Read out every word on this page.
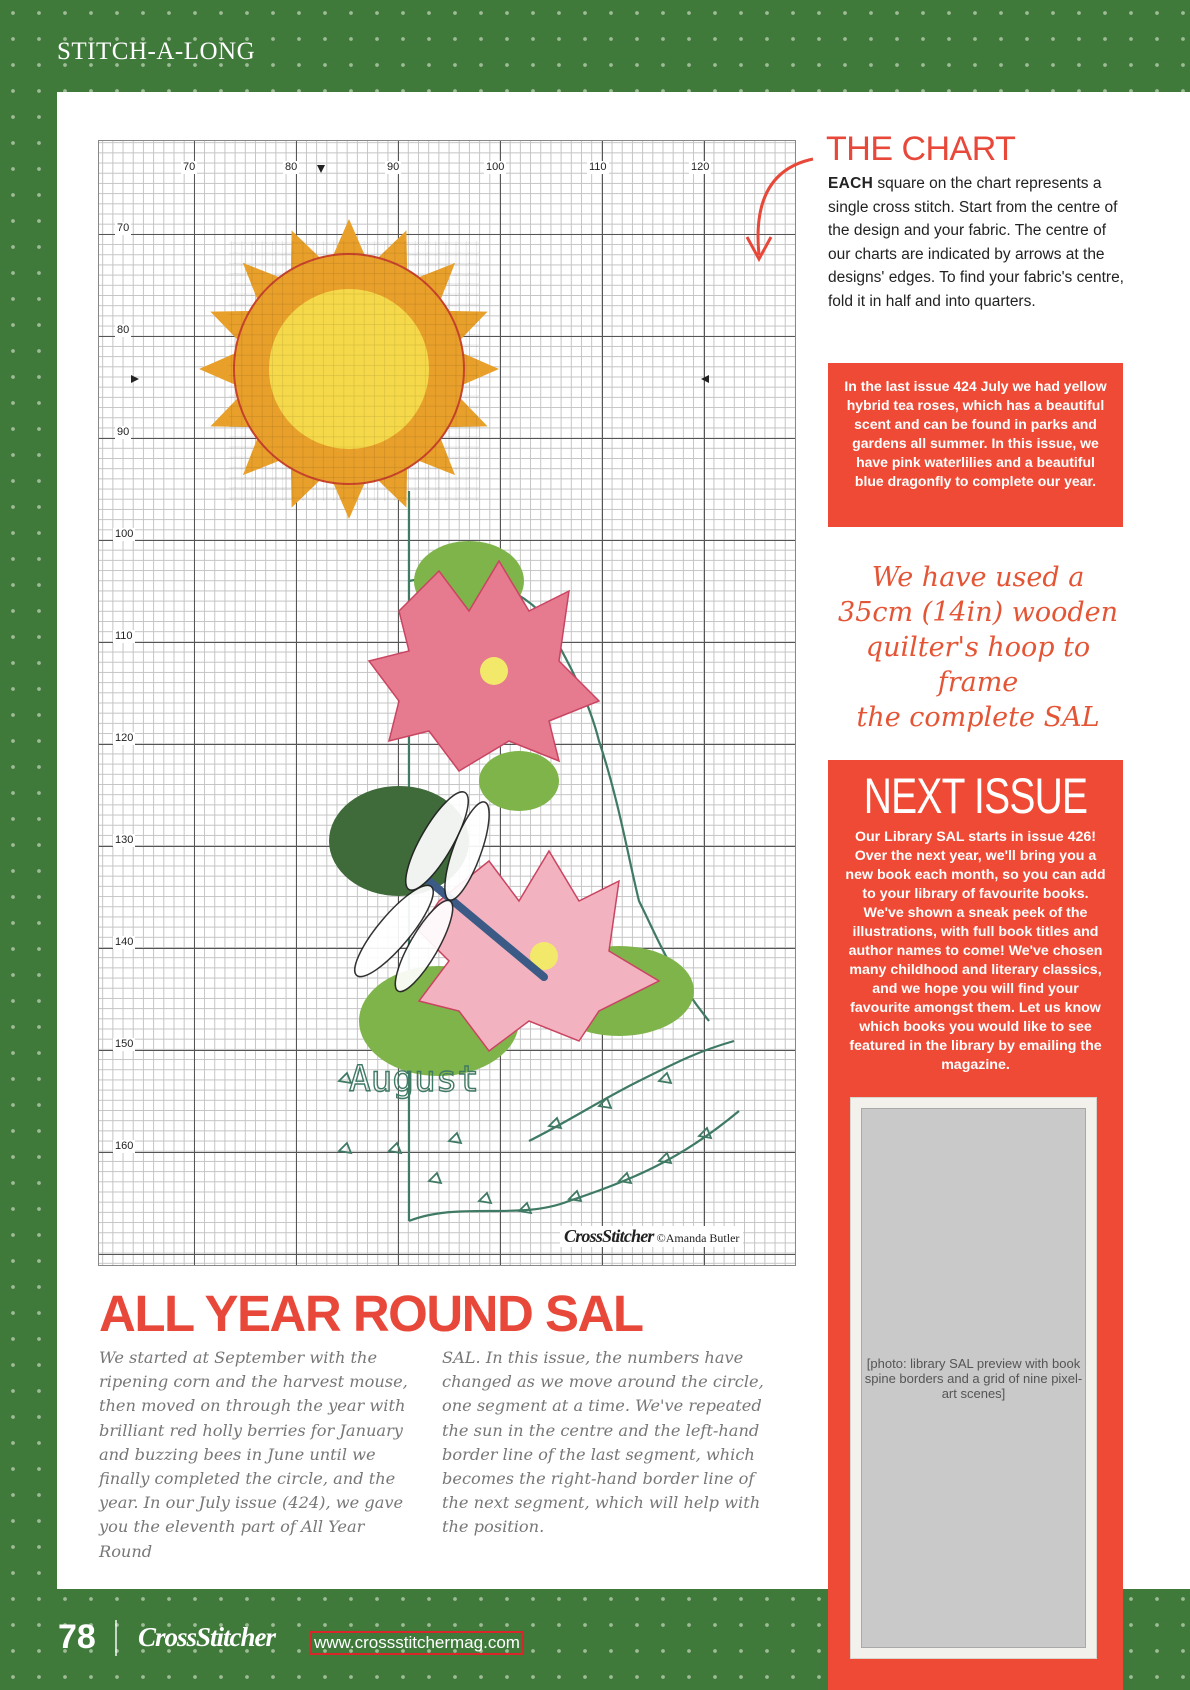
STITCH-A-LONG
August
70	80	90	100	110	120
70
80
90
100
110
120
130
140
150
160
CrossStitcher ©Amanda Butler
THE CHART

EACH square on the chart represents a single cross stitch. Start from the centre of the design and your fabric. The centre of our charts are indicated by arrows at the designs' edges. To find your fabric's centre, fold it in half and into quarters.

In the last issue 424 July we had yellow hybrid tea roses, which has a beautiful scent and can be found in parks and gardens all summer. In this issue, we have pink waterlilies and a beautiful blue dragonfly to complete our year.

We have used a
35cm (14in) wooden
quilter's hoop to frame
the complete SAL
NEXT ISSUE

Our Library SAL starts in issue 426! Over the next year, we'll bring you a new book each month, so you can add to your library of favourite books. We've shown a sneak peek of the illustrations, with full book titles and author names to come! We've chosen many childhood and literary classics, and we hope you will find your favourite amongst them. Let us know which books you would like to see featured in the library by emailing the magazine.

[photo: library SAL preview with book spine borders and a grid of nine pixel-art scenes]
ALL YEAR ROUND SAL

We started at September with the ripening corn and the harvest mouse, then moved on through the year with brilliant red holly berries for January and buzzing bees in June until we finally completed the circle, and the year. In our July issue (424), we gave you the eleventh part of All Year Round

SAL. In this issue, the numbers have changed as we move around the circle, one segment at a time. We've repeated the sun in the centre and the left-hand border line of the last segment, which becomes the right-hand border line of the next segment, which will help with the position.

78 CrossStitcher www.crossstitchermag.com
